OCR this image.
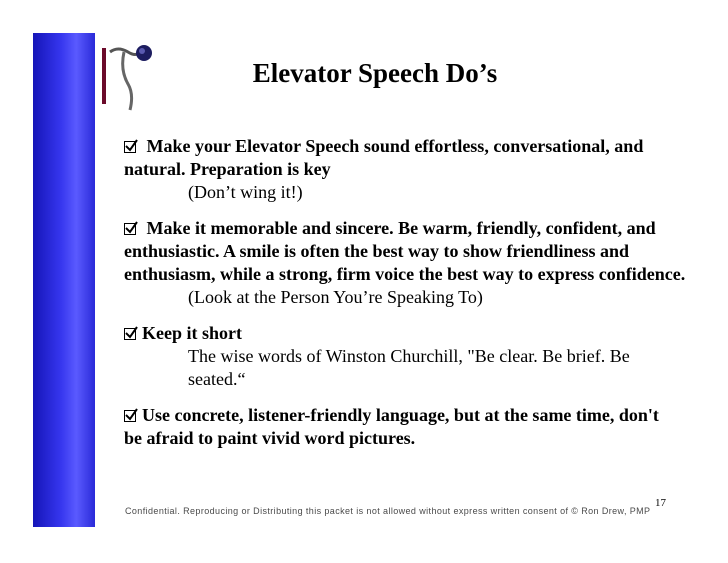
Elevator Speech Do’s
Make your Elevator Speech sound effortless, conversational, and
natural. Preparation is key
(Don’t wing it!)
Make it memorable and sincere. Be warm, friendly, confident, and
enthusiastic. A smile is often the best way to show friendliness and enthusiasm, while a strong, firm voice the best way to express confidence.
(Look at the Person You’re Speaking To)
Keep it short
The wise words of Winston Churchill, "Be clear. Be brief. Be
seated.“
Use concrete, listener-friendly language, but at the same time, don't
be afraid to paint vivid word pictures.
Confidential. Reproducing or Distributing this packet is not allowed without express written consent of © Ron Drew, PMP
17
